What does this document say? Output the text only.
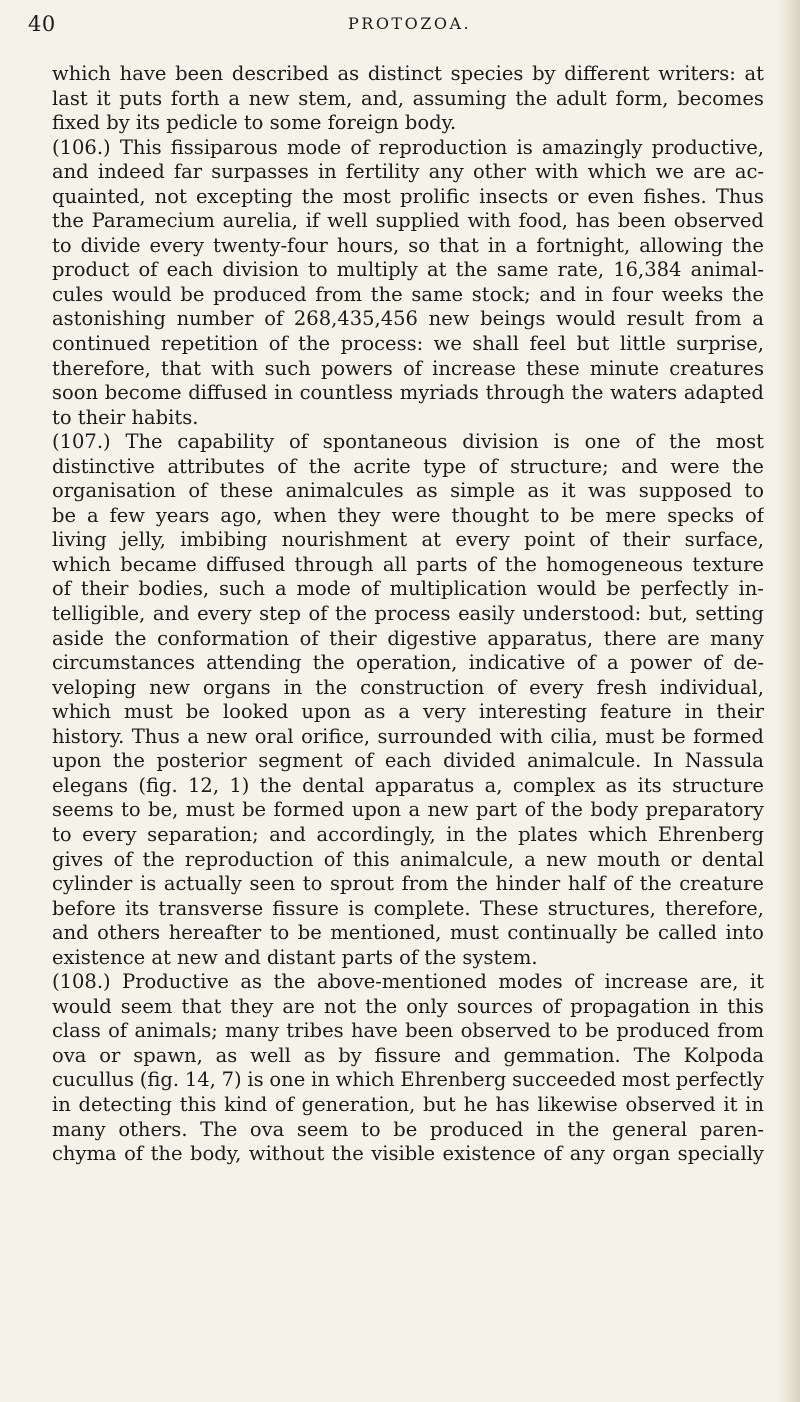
40	PROTOZOA.
which have been described as distinct species by different writers: at
last it puts forth a new stem, and, assuming the adult form, becomes
fixed by its pedicle to some foreign body.
(106.) This fissiparous mode of reproduction is amazingly productive,
and indeed far surpasses in fertility any other with which we are ac-
quainted, not excepting the most prolific insects or even fishes. Thus
the Paramecium aurelia, if well supplied with food, has been observed
to divide every twenty-four hours, so that in a fortnight, allowing the
product of each division to multiply at the same rate, 16,384 animal-
cules would be produced from the same stock; and in four weeks the
astonishing number of 268,435,456 new beings would result from a
continued repetition of the process: we shall feel but little surprise,
therefore, that with such powers of increase these minute creatures
soon become diffused in countless myriads through the waters adapted
to their habits.
(107.) The capability of spontaneous division is one of the most
distinctive attributes of the acrite type of structure; and were the
organisation of these animalcules as simple as it was supposed to
be a few years ago, when they were thought to be mere specks of
living jelly, imbibing nourishment at every point of their surface,
which became diffused through all parts of the homogeneous texture
of their bodies, such a mode of multiplication would be perfectly in-
telligible, and every step of the process easily understood: but, setting
aside the conformation of their digestive apparatus, there are many
circumstances attending the operation, indicative of a power of de-
veloping new organs in the construction of every fresh individual,
which must be looked upon as a very interesting feature in their
history. Thus a new oral orifice, surrounded with cilia, must be formed
upon the posterior segment of each divided animalcule. In Nassula
elegans (fig. 12, 1) the dental apparatus a, complex as its structure
seems to be, must be formed upon a new part of the body preparatory
to every separation; and accordingly, in the plates which Ehrenberg
gives of the reproduction of this animalcule, a new mouth or dental
cylinder is actually seen to sprout from the hinder half of the creature
before its transverse fissure is complete. These structures, therefore,
and others hereafter to be mentioned, must continually be called into
existence at new and distant parts of the system.
(108.) Productive as the above-mentioned modes of increase are, it
would seem that they are not the only sources of propagation in this
class of animals; many tribes have been observed to be produced from
ova or spawn, as well as by fissure and gemmation. The Kolpoda
cucullus (fig. 14, 7) is one in which Ehrenberg succeeded most perfectly
in detecting this kind of generation, but he has likewise observed it in
many others. The ova seem to be produced in the general paren-
chyma of the body, without the visible existence of any organ specially
